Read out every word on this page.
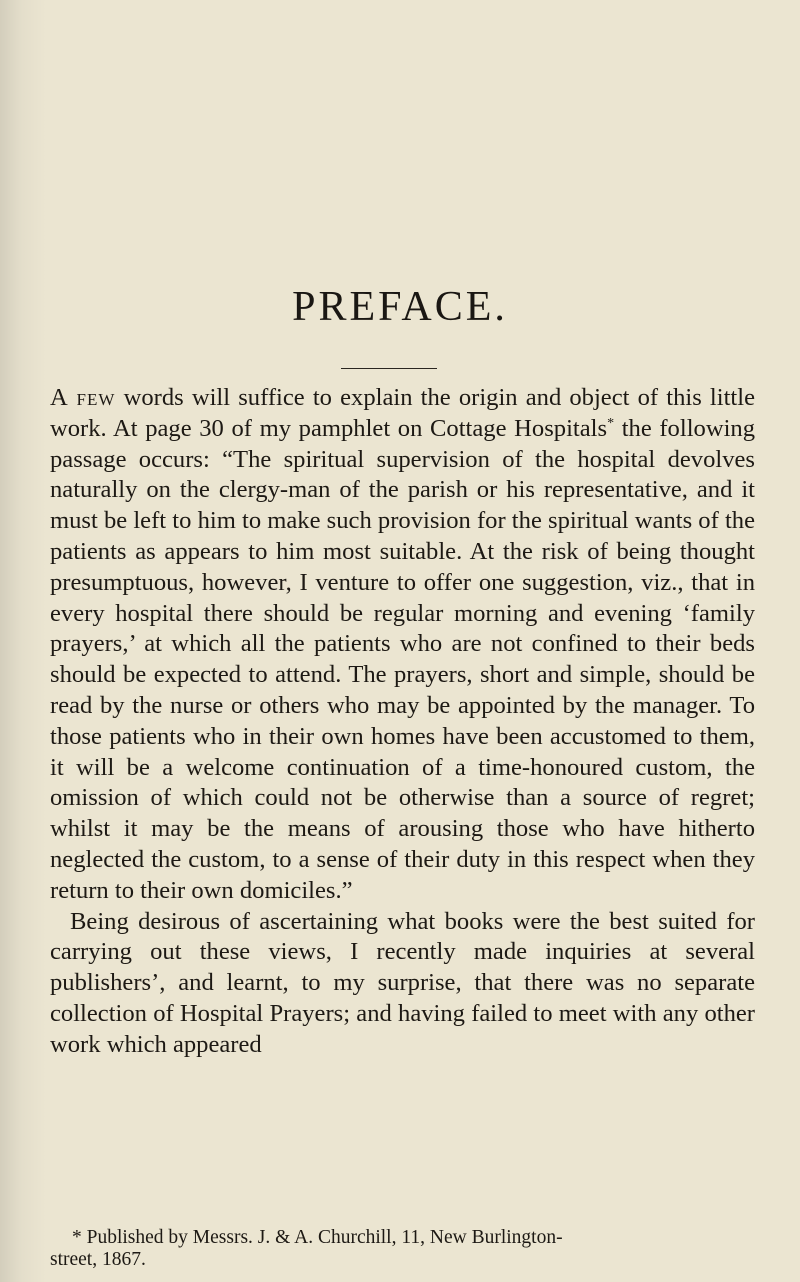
PREFACE.

A few words will suffice to explain the origin and object of this little work. At page 30 of my pamphlet on Cottage Hospitals* the following passage occurs: “The spiritual supervision of the hospital devolves naturally on the clergy-man of the parish or his representative, and it must be left to him to make such provision for the spiritual wants of the patients as appears to him most suitable. At the risk of being thought presumptuous, however, I venture to offer one suggestion, viz., that in every hospital there should be regular morning and evening ‘family prayers,’ at which all the patients who are not confined to their beds should be expected to attend. The prayers, short and simple, should be read by the nurse or others who may be appointed by the manager. To those patients who in their own homes have been accustomed to them, it will be a welcome continuation of a time-honoured custom, the omission of which could not be otherwise than a source of regret; whilst it may be the means of arousing those who have hitherto neglected the custom, to a sense of their duty in this respect when they return to their own domiciles.”

Being desirous of ascertaining what books were the best suited for carrying out these views, I recently made inquiries at several publishers’, and learnt, to my surprise, that there was no separate collection of Hospital Prayers; and having failed to meet with any other work which appeared

* Published by Messrs. J. & A. Churchill, 11, New Burlington-
street, 1867.
